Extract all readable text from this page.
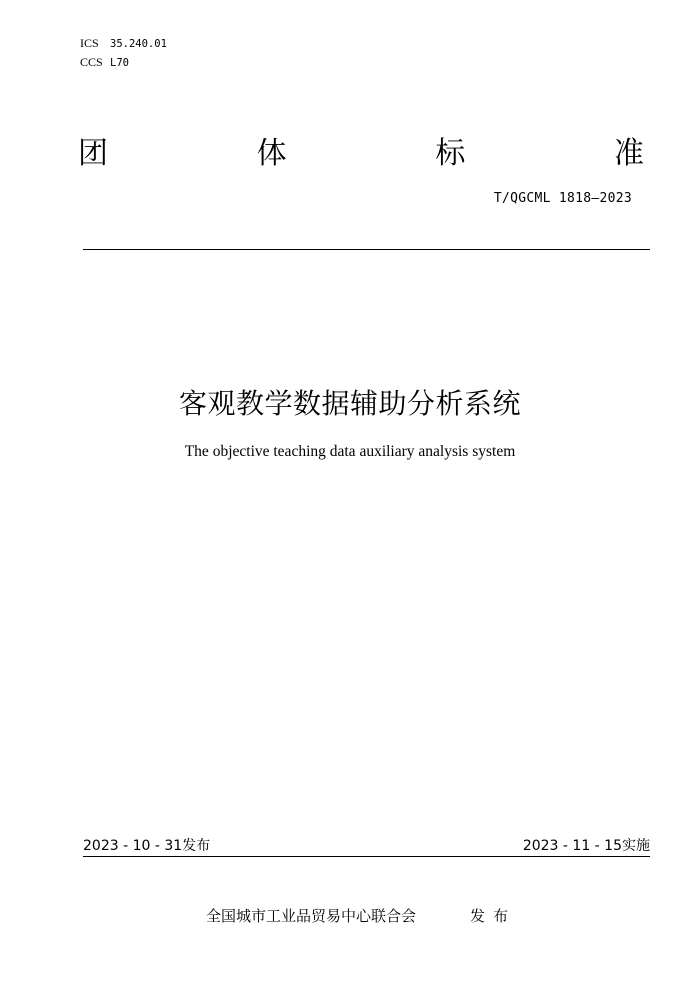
ICS 35.240.01
CCS L70
团	体	标	准
T/QGCML 1818—2023
客观教学数据辅助分析系统
The objective teaching data auxiliary analysis system
2023 - 10 - 31发布	2023 - 11 - 15实施
全国城市工业品贸易中心联合会	发布
